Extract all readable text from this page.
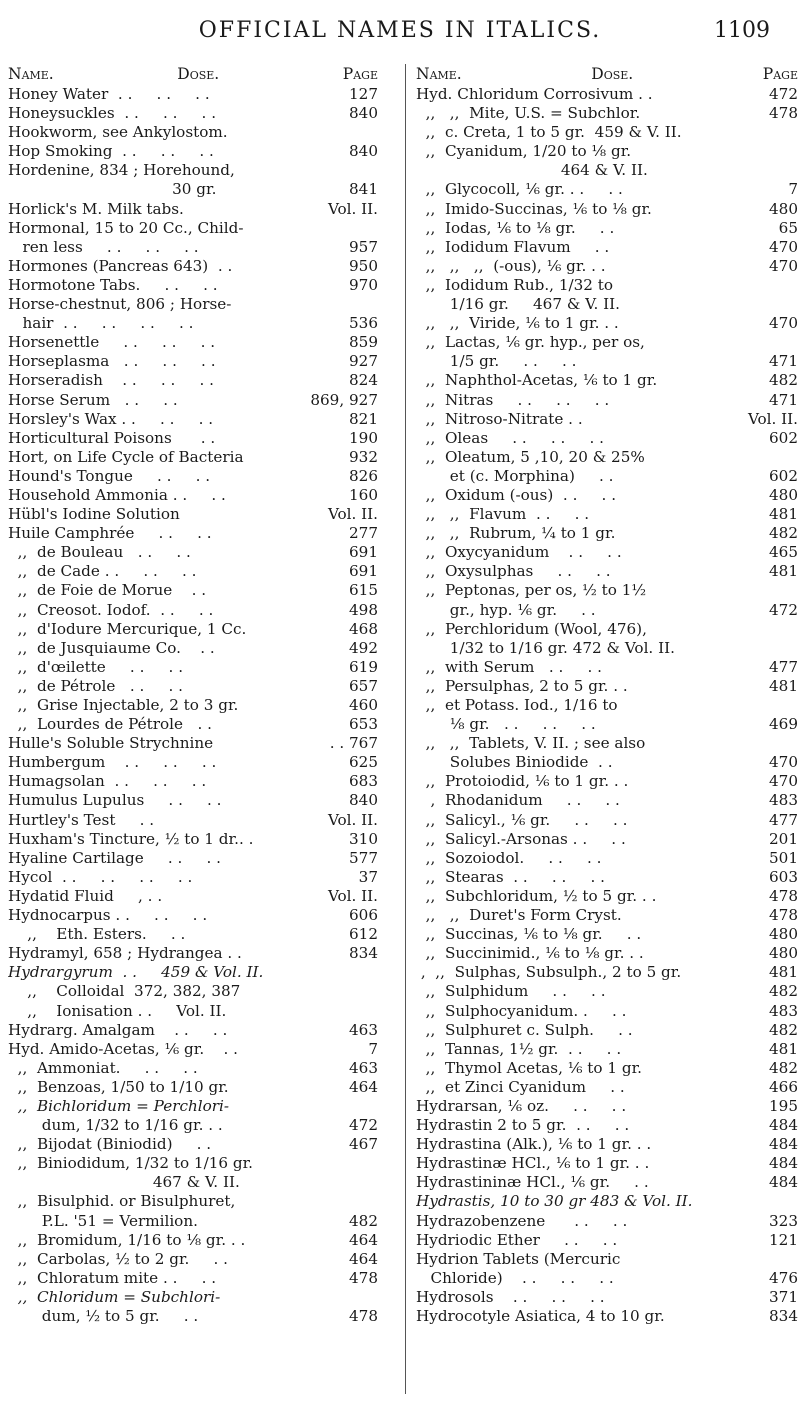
OFFICIAL NAMES IN ITALICS.	1109
Name.	Dose.	Page
Honey Water  . .     . .     . .	127
Honeysuckles  . .     . .     . .	840
Hookworm, see Ankylostom.
Hop Smoking  . .     . .     . .	840
Hordenine, 834 ; Horehound,
30 gr.	841
Horlick's M. Milk tabs.	Vol. II.
Hormonal, 15 to 20 Cc., Child-
ren less     . .     . .     . .	957
Hormones (Pancreas 643)  . .	950
Hormotone Tabs.     . .     . .	970
Horse-chestnut, 806 ; Horse-
hair  . .     . .     . .     . .	536
Horsenettle     . .     . .     . .	859
Horseplasma   . .     . .     . .	927
Horseradish    . .     . .     . .	824
Horse Serum   . .     . .	869, 927
Horsley's Wax . .     . .     . .	821
Horticultural Poisons      . .	190
Hort, on Life Cycle of Bacteria	932
Hound's Tongue     . .     . .	826
Household Ammonia . .     . .	160
Hübl's Iodine Solution	Vol. II.
Huile Camphrée     . .     . .	277
,,  de Bouleau   . .     . .	691
,,  de Cade . .     . .     . .	691
,,  de Foie de Morue    . .	615
,,  Creosot. Iodof.  . .     . .	498
,,  d'Iodure Mercurique, 1 Cc.	468
,,  de Jusquiaume Co.    . .	492
,,  d'œilette     . .     . .	619
,,  de Pétrole   . .     . .	657
,,  Grise Injectable, 2 to 3 gr.	460
,,  Lourdes de Pétrole   . .	653
Hulle's Soluble Strychnine	. . 767
Humbergum    . .     . .     . .	625
Humagsolan  . .     . .     . .	683
Humulus Lupulus     . .     . .	840
Hurtley's Test     . .	Vol. II.
Huxham's Tincture, ½ to 1 dr.. .	310
Hyaline Cartilage     . .     . .	577
Hycol  . .     . .     . .     . .	37
Hydatid Fluid     , . .	Vol. II.
Hydnocarpus . .     . .     . .	606
,,    Eth. Esters.     . .	612
Hydramyl, 658 ; Hydrangea . .	834
Hydrargyrum  . .     459 & Vol. II.
,,    Colloidal  372, 382, 387
,,    Ionisation . .     Vol. II.
Hydrarg. Amalgam    . .     . .	463
Hyd. Amido-Acetas, ⅙ gr.    . .	7
,,  Ammoniat.     . .     . .	463
,,  Benzoas, 1/50 to 1/10 gr.	464
,,  Bichloridum = Perchlori-
dum, 1/32 to 1/16 gr. . .	472
,,  Bijodat (Biniodid)     . .	467
,,  Biniodidum, 1/32 to 1/16 gr.
467 & V. II.
,,  Bisulphid. or Bisulphuret,
P.L. '51 = Vermilion.	482
,,  Bromidum, 1/16 to ⅛ gr. . .	464
,,  Carbolas, ½ to 2 gr.     . .	464
,,  Chloratum mite . .     . .	478
,,  Chloridum = Subchlori-
dum, ½ to 5 gr.     . .	478
Name.	Dose.	Page
Hyd. Chloridum Corrosivum . .	472
,,   ,,  Mite, U.S. = Subchlor.	478
,,  c. Creta, 1 to 5 gr.  459 & V. II.
,,  Cyanidum, 1/20 to ⅛ gr.
464 & V. II.
,,  Glycocoll, ⅙ gr. . .     . .	7
,,  Imido-Succinas, ⅙ to ⅛ gr.	480
,,  Iodas, ⅙ to ⅛ gr.     . .	65
,,  Iodidum Flavum     . .	470
,,   ,,   ,,  (-ous), ⅙ gr. . .	470
,,  Iodidum Rub., 1/32 to
1/16 gr.     467 & V. II.
,,   ,,  Viride, ⅙ to 1 gr. . .	470
,,  Lactas, ⅙ gr. hyp., per os,
1/5 gr.     . .     . .	471
,,  Naphthol-Acetas, ⅙ to 1 gr.	482
,,  Nitras     . .     . .     . .	471
,,  Nitroso-Nitrate . .	Vol. II.
,,  Oleas     . .     . .     . .	602
,,  Oleatum, 5 ,10, 20 & 25%
et (c. Morphina)     . .	602
,,  Oxidum (-ous)  . .     . .	480
,,   ,,  Flavum  . .     . .	481
,,   ,,  Rubrum, ¼ to 1 gr.	482
,,  Oxycyanidum    . .     . .	465
,,  Oxysulphas     . .     . .	481
,,  Peptonas, per os, ½ to 1½
gr., hyp. ⅙ gr.     . .	472
,,  Perchloridum (Wool, 476),
1/32 to 1/16 gr. 472 & Vol. II.
,,  with Serum   . .     . .	477
,,  Persulphas, 2 to 5 gr. . .	481
,,  et Potass. Iod., 1/16 to
⅛ gr.   . .     . .     . .	469
,,   ,,  Tablets, V. II. ; see also
Solubes Biniodide  . .	470
,,  Protoiodid, ⅙ to 1 gr. . .	470
,  Rhodanidum     . .     . .	483
,,  Salicyl., ⅙ gr.     . .     . .	477
,,  Salicyl.-Arsonas . .     . .	201
,,  Sozoiodol.     . .     . .	501
,,  Stearas  . .     . .     . .	603
,,  Subchloridum, ½ to 5 gr. . .	478
,,   ,,  Duret's Form Cryst.	478
,,  Succinas, ⅙ to ⅛ gr.     . .	480
,,  Succinimid., ⅙ to ⅛ gr. . .	480
,  ,,  Sulphas, Subsulph., 2 to 5 gr.	481
,,  Sulphidum     . .     . .	482
,,  Sulphocyanidum. .     . .	483
,,  Sulphuret c. Sulph.     . .	482
,,  Tannas, 1½ gr.  . .     . .	481
,,  Thymol Acetas, ⅙ to 1 gr.	482
,,  et Zinci Cyanidum     . .	466
Hydrarsan, ⅙ oz.     . .     . .	195
Hydrastin 2 to 5 gr.  . .     . .	484
Hydrastina (Alk.), ⅙ to 1 gr. . .	484
Hydrastinæ HCl., ⅙ to 1 gr. . .	484
Hydrastininæ HCl., ⅙ gr.     . .	484
Hydrastis, 10 to 30 gr 483 & Vol. II.
Hydrazobenzene      . .     . .	323
Hydriodic Ether     . .     . .	121
Hydrion Tablets (Mercuric
Chloride)    . .     . .     . .	476
Hydrosols    . .     . .     . .	371
Hydrocotyle Asiatica, 4 to 10 gr.	834
